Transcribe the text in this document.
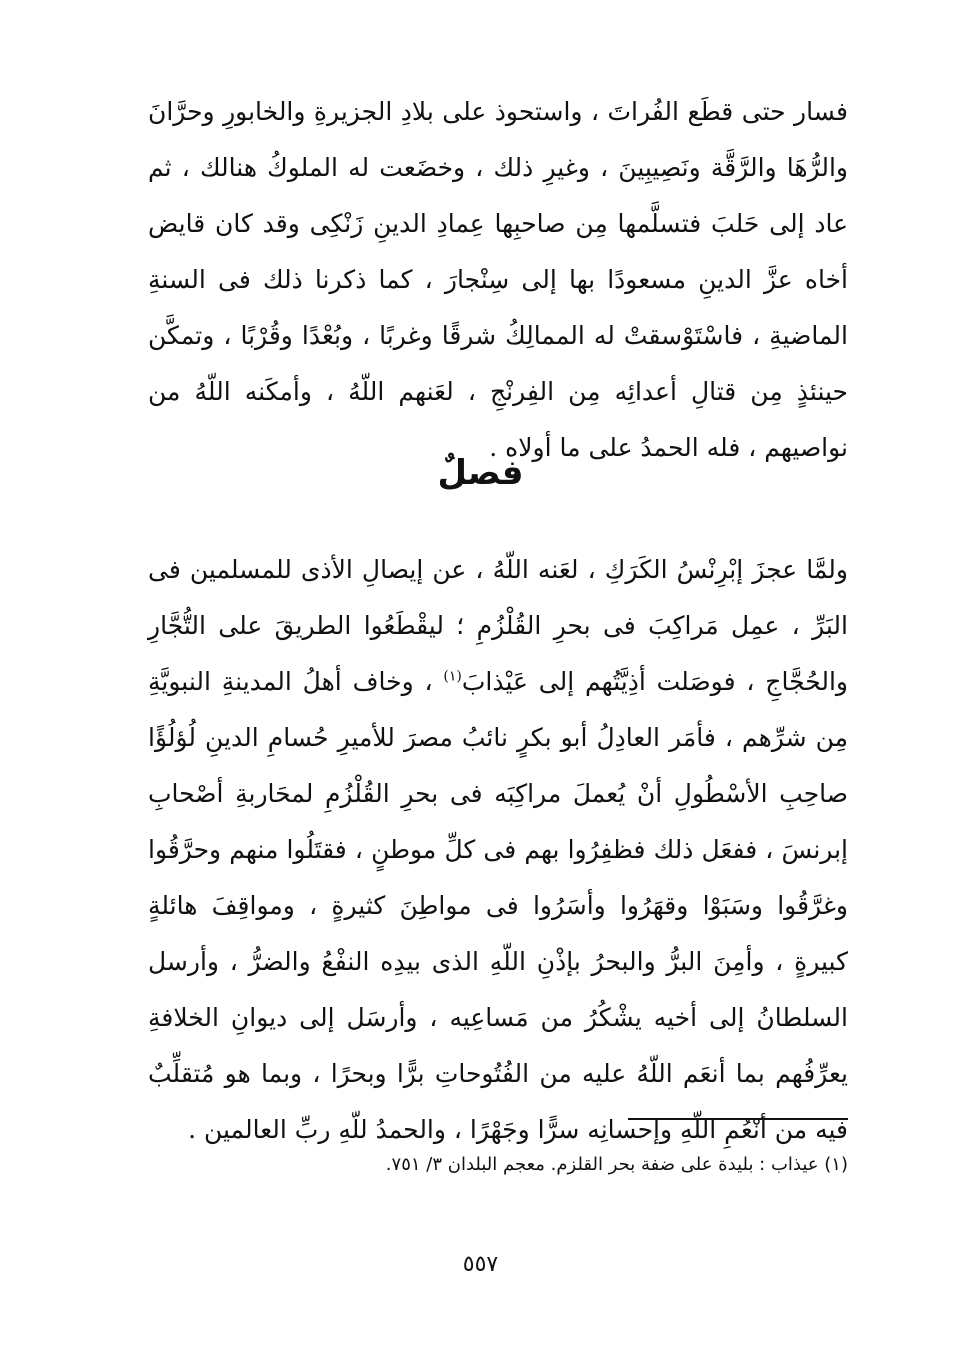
فسار حتى قطَع الفُراتَ ، واستحوذ على بلادِ الجزيرةِ والخابورِ وحرَّانَ والرُّهَا والرَّقَّة ونَصِيبِينَ ، وغيرِ ذلك ، وخضَعت له الملوكُ هنالك ، ثم عاد إلى حَلبَ فتسلَّمها مِن صاحبِها عِمادِ الدينِ زَنْكِى وقد كان قايض أخاه عزَّ الدينِ مسعودًا بها إلى سِنْجارَ ، كما ذكرنا ذلك فى السنةِ الماضيةِ ، فاسْتَوْسقتْ له الممالِكُ شرقًا وغربًا ، وبُعْدًا وقُرْبًا ، وتمكَّن حينئذٍ مِن قتالِ أعدائِه مِن الفِرنْجِ ، لعَنهم اللّهُ ، وأمكَنه اللّهُ من نواصيهم ، فله الحمدُ على ما أولاه .
فصلٌ
ولمَّا عجزَ إبْرِنْسُ الكَرَكِ ، لعَنه اللّهُ ، عن إيصالِ الأذى للمسلمين فى البَرِّ ، عمِل مَراكِبَ فى بحرِ القُلْزُمِ ؛ ليقْطَعُوا الطريقَ على التُّجَّارِ والحُجَّاجِ ، فوصَلت أذِيَّتُهم إلى عَيْذابَ$^{(١)}$ ، وخاف أهلُ المدينةِ النبويَّةِ مِن شرِّهم ، فأمَر العادِلُ أبو بكرٍ نائبُ مصرَ للأميرِ حُسامِ الدينِ لُؤلُؤًا صاحِبِ الأسْطُولِ أنْ يُعملَ مراكِبَه فى بحرِ القُلْزُمِ لمحَاربةِ أصْحابِ إبرنسَ ، ففعَل ذلك فظفِرُوا بهم فى كلِّ موطنٍ ، فقتَلُوا منهم وحرَّقُوا وغرَّقُوا وسَبَوْا وقهَرُوا وأسَرُوا فى مواطِنَ كثيرةٍ ، ومواقِفَ هائلةٍ كبيرةٍ ، وأمِنَ البرُّ والبحرُ بإذْنِ اللّهِ الذى بيدِه النفْعُ والضرُّ ، وأرسل السلطانُ إلى أخيه يشْكُرُ من مَساعِيه ، وأرسَل إلى ديوانِ الخلافةِ يعرِّفُهم بما أنعَم اللّهُ عليه من الفُتُوحاتِ برًّا وبحرًا ، وبما هو مُتقلِّبٌ فيه من أنْعُمِ اللّهِ وإحسانِه سرًّا وجَهْرًا ، والحمدُ للّهِ ربِّ العالمين .
(١) عيذاب : بليدة على ضفة بحر القلزم. معجم البلدان ٣/ ٧٥١.
٥٥٧
